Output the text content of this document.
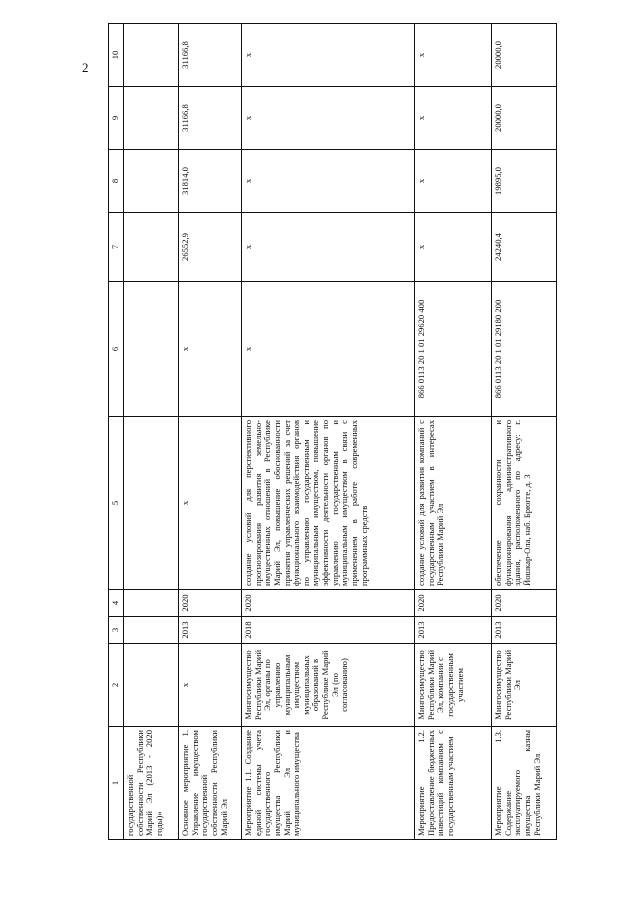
2
1	2	3	4	5	6	7	8	9	10
государственной собственности Республики Марий Эл (2013 - 2020 годы)»									
Основное мероприятие 1. Управление имуществом государственной собственности Республики Марий Эл	х	2013	2020	х	х	26552,9	31814,0	31166,8	31166,8
Мероприятие 1.1. Создание единой системы учета государственного имущества Республики Марий Эл и муниципального имущества	Мингосимущество Республики Марий Эл, органы по управлению муниципальным имуществом муниципальных образований в Республике Марий Эл (по согласованию)	2018	2020	создание условий для перспективного прогнозирования развития земельно-имущественных отношений в Республике Марий Эл, повышение обоснованности принятия управленческих решений за счет функционального взаимодействия органов по управлению государственным и муниципальным имуществом, повышение эффективности деятельности органов по управлению государственным и муниципальным имуществом в связи с применением в работе современных программных средств	х	х	х	х	х
Мероприятие 1.2. Предоставление бюджетных инвестиций компаниям с государственным участием	Мингосимущество Республики Марий Эл, компании с государственным участием	2013	2020	создание условий для развития компаний с государственным участием в интересах Республики Марий Эл	866 0113 20 1 01 29620 400	х	х	х	х
Мероприятие 1.3. Содержание эксплуатируемого имущества казны Республики Марий Эл	Мингосимущество Республики Марий Эл	2013	2020	обеспечение сохранности и функционирования административного здания, расположенного по адресу: г. Йошкар-Ола, наб. Брюгге, д. 3	866 0113 20 1 01 29180 200	24240,4	19895,0	20000,0	20000,0
